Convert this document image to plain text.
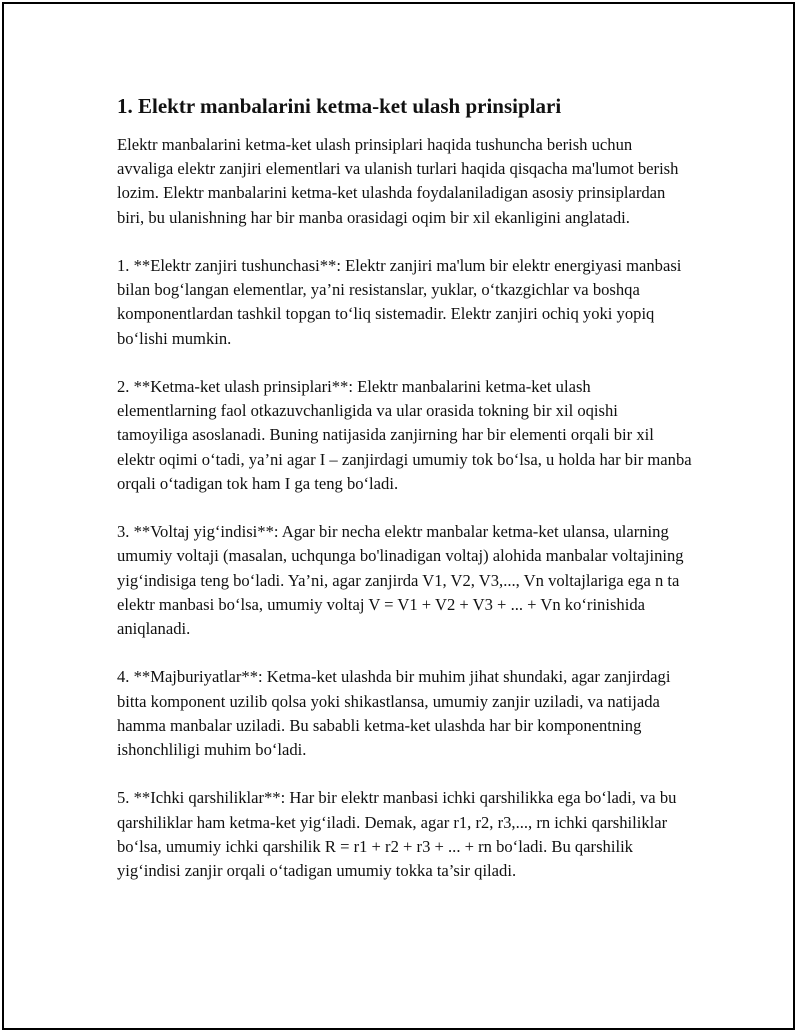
1. Elektr manbalarini ketma-ket ulash prinsiplari

Elektr manbalarini ketma-ket ulash prinsiplari haqida tushuncha berish uchun avvaliga elektr zanjiri elementlari va ulanish turlari haqida qisqacha ma'lumot berish lozim. Elektr manbalarini ketma-ket ulashda foydalaniladigan asosiy prinsiplardan biri, bu ulanishning har bir manba orasidagi oqim bir xil ekanligini anglatadi.

1. **Elektr zanjiri tushunchasi**: Elektr zanjiri ma'lum bir elektr energiyasi manbasi bilan bog‘langan elementlar, ya’ni resistanslar, yuklar, o‘tkazgichlar va boshqa komponentlardan tashkil topgan to‘liq sistemadir. Elektr zanjiri ochiq yoki yopiq bo‘lishi mumkin.

2. **Ketma-ket ulash prinsiplari**: Elektr manbalarini ketma-ket ulash elementlarning faol otkazuvchanligida va ular orasida tokning bir xil oqishi tamoyiliga asoslanadi. Buning natijasida zanjirning har bir elementi orqali bir xil elektr oqimi o‘tadi, ya’ni agar I – zanjirdagi umumiy tok bo‘lsa, u holda har bir manba orqali o‘tadigan tok ham I ga teng bo‘ladi.

3. **Voltaj yig‘indisi**: Agar bir necha elektr manbalar ketma-ket ulansa, ularning umumiy voltaji (masalan, uchqunga bo'linadigan voltaj) alohida manbalar voltajining yig‘indisiga teng bo‘ladi. Ya’ni, agar zanjirda V1, V2, V3,..., Vn voltajlariga ega n ta elektr manbasi bo‘lsa, umumiy voltaj V = V1 + V2 + V3 + ... + Vn ko‘rinishida aniqlanadi.

4. **Majburiyatlar**: Ketma-ket ulashda bir muhim jihat shundaki, agar zanjirdagi bitta komponent uzilib qolsa yoki shikastlansa, umumiy zanjir uziladi, va natijada hamma manbalar uziladi. Bu sababli ketma-ket ulashda har bir komponentning ishonchliligi muhim bo‘ladi.

5. **Ichki qarshiliklar**: Har bir elektr manbasi ichki qarshilikka ega bo‘ladi, va bu qarshiliklar ham ketma-ket yig‘iladi. Demak, agar r1, r2, r3,..., rn ichki qarshiliklar bo‘lsa, umumiy ichki qarshilik R = r1 + r2 + r3 + ... + rn bo‘ladi. Bu qarshilik yig‘indisi zanjir orqali o‘tadigan umumiy tokka ta’sir qiladi.
